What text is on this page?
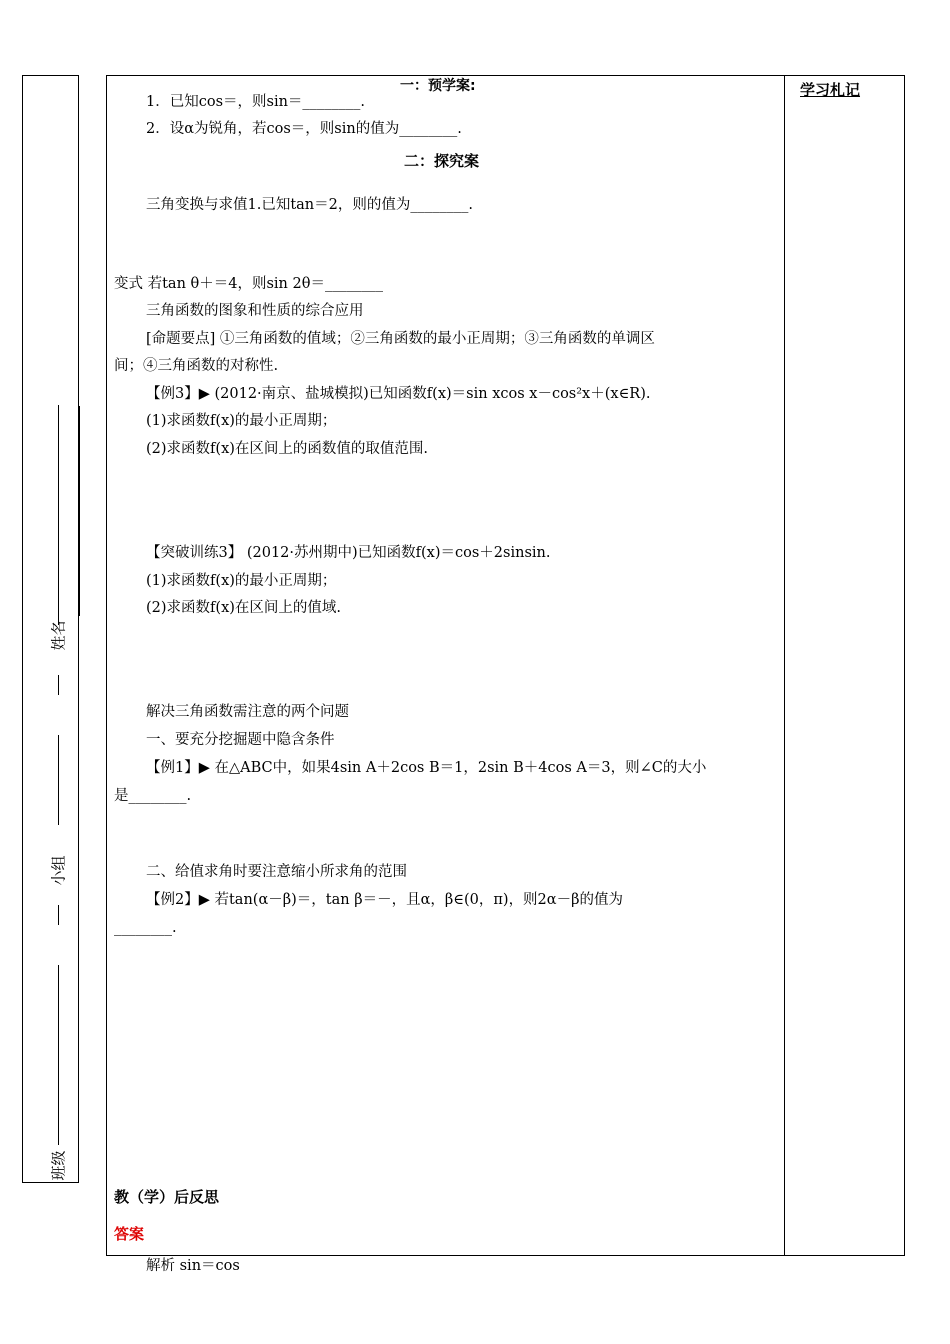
姓名
小组
班级
学习札记
一：预学案:
1．已知cos＝，则sin＝________.
2．设α为锐角，若cos＝，则sin的值为________.
二：探究案
三角变换与求值1.已知tan＝2，则的值为________.
变式 若tan θ＋＝4，则sin 2θ＝________
三角函数的图象和性质的综合应用
[命题要点] ①三角函数的值域；②三角函数的最小正周期；③三角函数的单调区
间；④三角函数的对称性.
【例3】▶ (2012·南京、盐城模拟)已知函数f(x)＝sin xcos x－cos²x＋(x∈R).
(1)求函数f(x)的最小正周期；
(2)求函数f(x)在区间上的函数值的取值范围.
【突破训练3】 (2012·苏州期中)已知函数f(x)＝cos＋2sinsin.
(1)求函数f(x)的最小正周期；
(2)求函数f(x)在区间上的值域.
解决三角函数需注意的两个问题
一、要充分挖掘题中隐含条件
【例1】▶ 在△ABC中，如果4sin A＋2cos B＝1，2sin B＋4cos A＝3，则∠C的大小
是________.
二、给值求角时要注意缩小所求角的范围
【例2】▶ 若tan(α－β)＝，tan β＝－，且α，β∈(0，π)，则2α－β的值为
________.
教（学）后反思
答案
解析 sin＝cos
